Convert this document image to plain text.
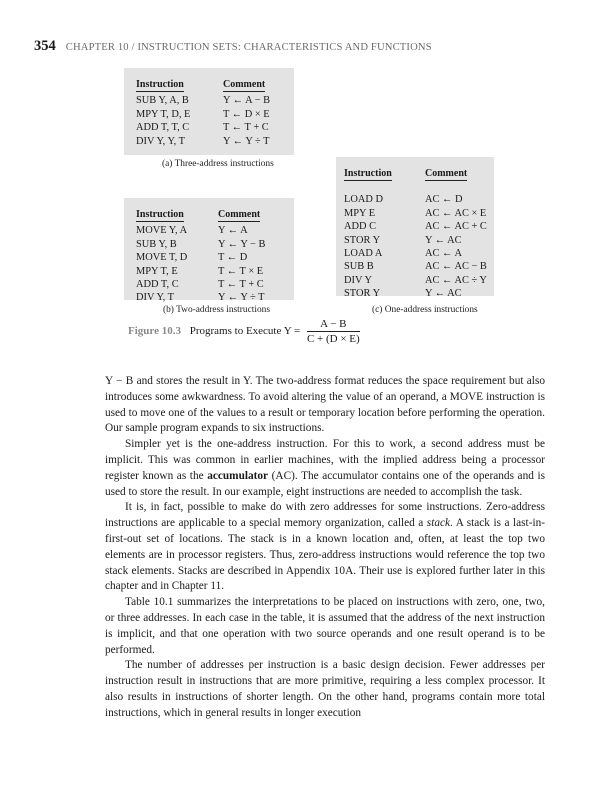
354 CHAPTER 10 / INSTRUCTION SETS: CHARACTERISTICS AND FUNCTIONS
Instruction	Comment
SUB Y, A, B	Y ← A − B
MPY T, D, E	T ← D × E
ADD T, T, C	T ← T + C
DIV Y, Y, T	Y ← Y ÷ T
(a) Three-address instructions
Instruction	Comment
MOVE Y, A	Y ← A
SUB Y, B	Y ← Y − B
MOVE T, D	T ← D
MPY T, E	T ← T × E
ADD T, C	T ← T + C
DIV Y, T	Y ← Y ÷ T
(b) Two-address instructions
Instruction	Comment

LOAD D	AC ← D
MPY E	AC ← AC × E
ADD C	AC ← AC + C
STOR Y	Y ← AC
LOAD A	AC ← A
SUB B	AC ← AC − B
DIV Y	AC ← AC ÷ Y
STOR Y	Y ← AC
(c) One-address instructions
Figure 10.3 Programs to Execute $Y = \frac{A - B}{C + (D \times E)}$

Y − B and stores the result in Y. The two-address format reduces the space requirement but also introduces some awkwardness. To avoid altering the value of an operand, a MOVE instruction is used to move one of the values to a result or temporary location before performing the operation. Our sample program expands to six instructions.

Simpler yet is the one-address instruction. For this to work, a second address must be implicit. This was common in earlier machines, with the implied address being a processor register known as the accumulator (AC). The accumulator contains one of the operands and is used to store the result. In our example, eight instructions are needed to accomplish the task.

It is, in fact, possible to make do with zero addresses for some instructions. Zero-address instructions are applicable to a special memory organization, called a stack. A stack is a last-in-first-out set of locations. The stack is in a known location and, often, at least the top two elements are in processor registers. Thus, zero-address instructions would reference the top two stack elements. Stacks are described in Appendix 10A. Their use is explored further later in this chapter and in Chapter 11.

Table 10.1 summarizes the interpretations to be placed on instructions with zero, one, two, or three addresses. In each case in the table, it is assumed that the address of the next instruction is implicit, and that one operation with two source operands and one result operand is to be performed.

The number of addresses per instruction is a basic design decision. Fewer addresses per instruction result in instructions that are more primitive, requiring a less complex processor. It also results in instructions of shorter length. On the other hand, programs contain more total instructions, which in general results in longer execution
